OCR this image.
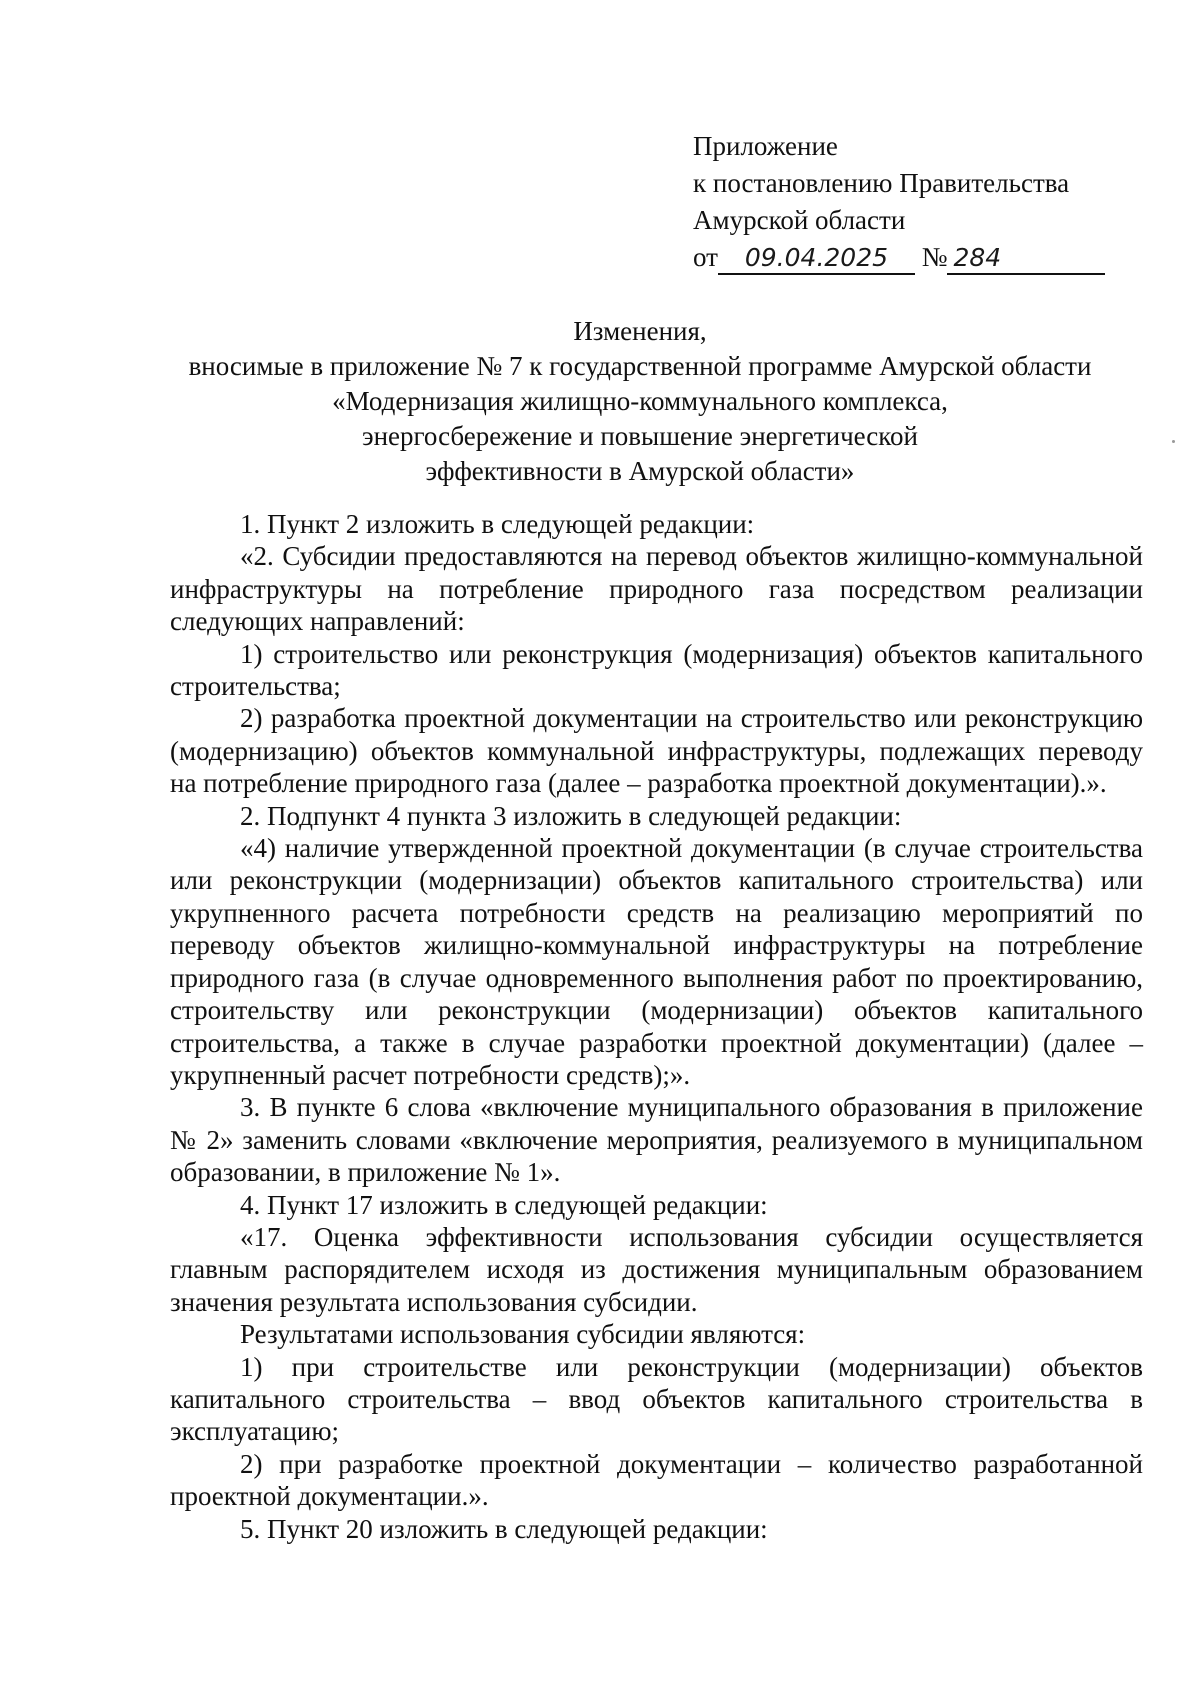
Приложение
к постановлению Правительства
Амурской области
от 09.04.2025 № 284
Изменения,
вносимые в приложение № 7 к государственной программе Амурской области
«Модернизация жилищно-коммунального комплекса,
энергосбережение и повышение энергетической
эффективности в Амурской области»

1. Пункт 2 изложить в следующей редакции:

«2. Субсидии предоставляются на перевод объектов жилищно-коммунальной инфраструктуры на потребление природного газа посредством реализации следующих направлений:

1) строительство или реконструкция (модернизация) объектов капитального строительства;

2) разработка проектной документации на строительство или реконструкцию (модернизацию) объектов коммунальной инфраструктуры, подлежащих переводу на потребление природного газа (далее – разработка проектной документации).».

2. Подпункт 4 пункта 3 изложить в следующей редакции:

«4) наличие утвержденной проектной документации (в случае строительства или реконструкции (модернизации) объектов капитального строительства) или укрупненного расчета потребности средств на реализацию мероприятий по переводу объектов жилищно-коммунальной инфраструктуры на потребление природного газа (в случае одновременного выполнения работ по проектированию, строительству или реконструкции (модернизации) объектов капитального строительства, а также в случае разработки проектной документации) (далее – укрупненный расчет потребности средств);».

3. В пункте 6 слова «включение муниципального образования в приложение № 2» заменить словами «включение мероприятия, реализуемого в муниципальном образовании, в приложение № 1».

4. Пункт 17 изложить в следующей редакции:

«17. Оценка эффективности использования субсидии осуществляется главным распорядителем исходя из достижения муниципальным образованием значения результата использования субсидии.

Результатами использования субсидии являются:

1) при строительстве или реконструкции (модернизации) объектов капитального строительства – ввод объектов капитального строительства в эксплуатацию;

2) при разработке проектной документации – количество разработанной проектной документации.».

5. Пункт 20 изложить в следующей редакции:
